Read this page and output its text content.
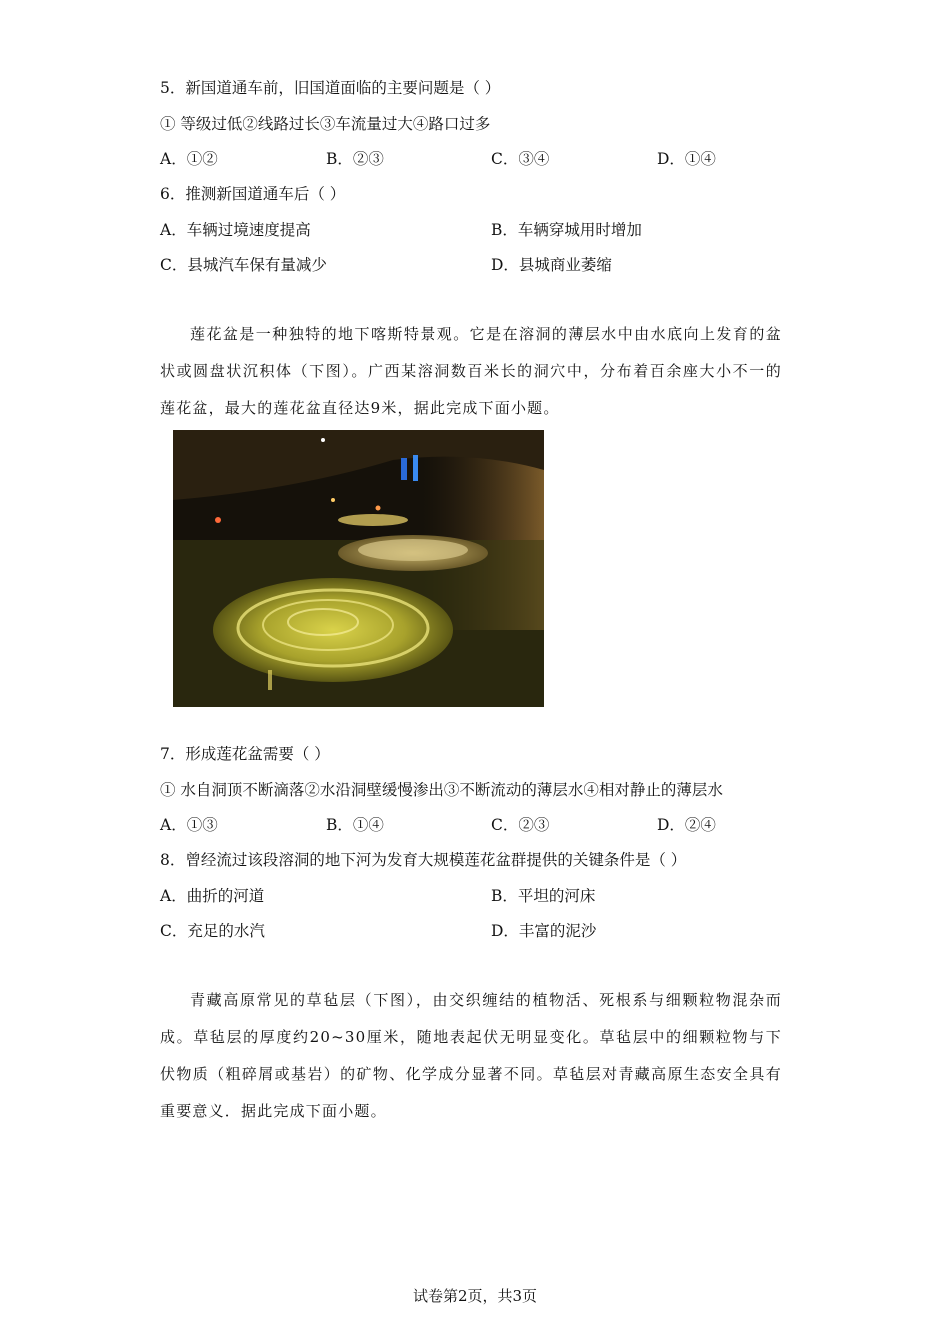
5．新国道通车前，旧国道面临的主要问题是（ ）
① 等级过低②线路过长③车流量过大④路口过多
A．①②	B．②③	C．③④	D．①④
6．推测新国道通车后（ ）
A．车辆过境速度提高	B．车辆穿城用时增加
C．县城汽车保有量减少	D．县城商业萎缩

莲花盆是一种独特的地下喀斯特景观。它是在溶洞的薄层水中由水底向上发育的盆状或圆盘状沉积体（下图）。广西某溶洞数百米长的洞穴中，分布着百余座大小不一的莲花盆，最大的莲花盆直径达9米，据此完成下面小题。

7．形成莲花盆需要（ ）
① 水自洞顶不断滴落②水沿洞壁缓慢渗出③不断流动的薄层水④相对静止的薄层水
A．①③	B．①④	C．②③	D．②④
8．曾经流过该段溶洞的地下河为发育大规模莲花盆群提供的关键条件是（ ）
A．曲折的河道	B．平坦的河床
C．充足的水汽	D．丰富的泥沙

青藏高原常见的草毡层（下图），由交织缠结的植物活、死根系与细颗粒物混杂而成。草毡层的厚度约20~30厘米，随地表起伏无明显变化。草毡层中的细颗粒物与下伏物质（粗碎屑或基岩）的矿物、化学成分显著不同。草毡层对青藏高原生态安全具有重要意义．据此完成下面小题。

试卷第2页，共3页
